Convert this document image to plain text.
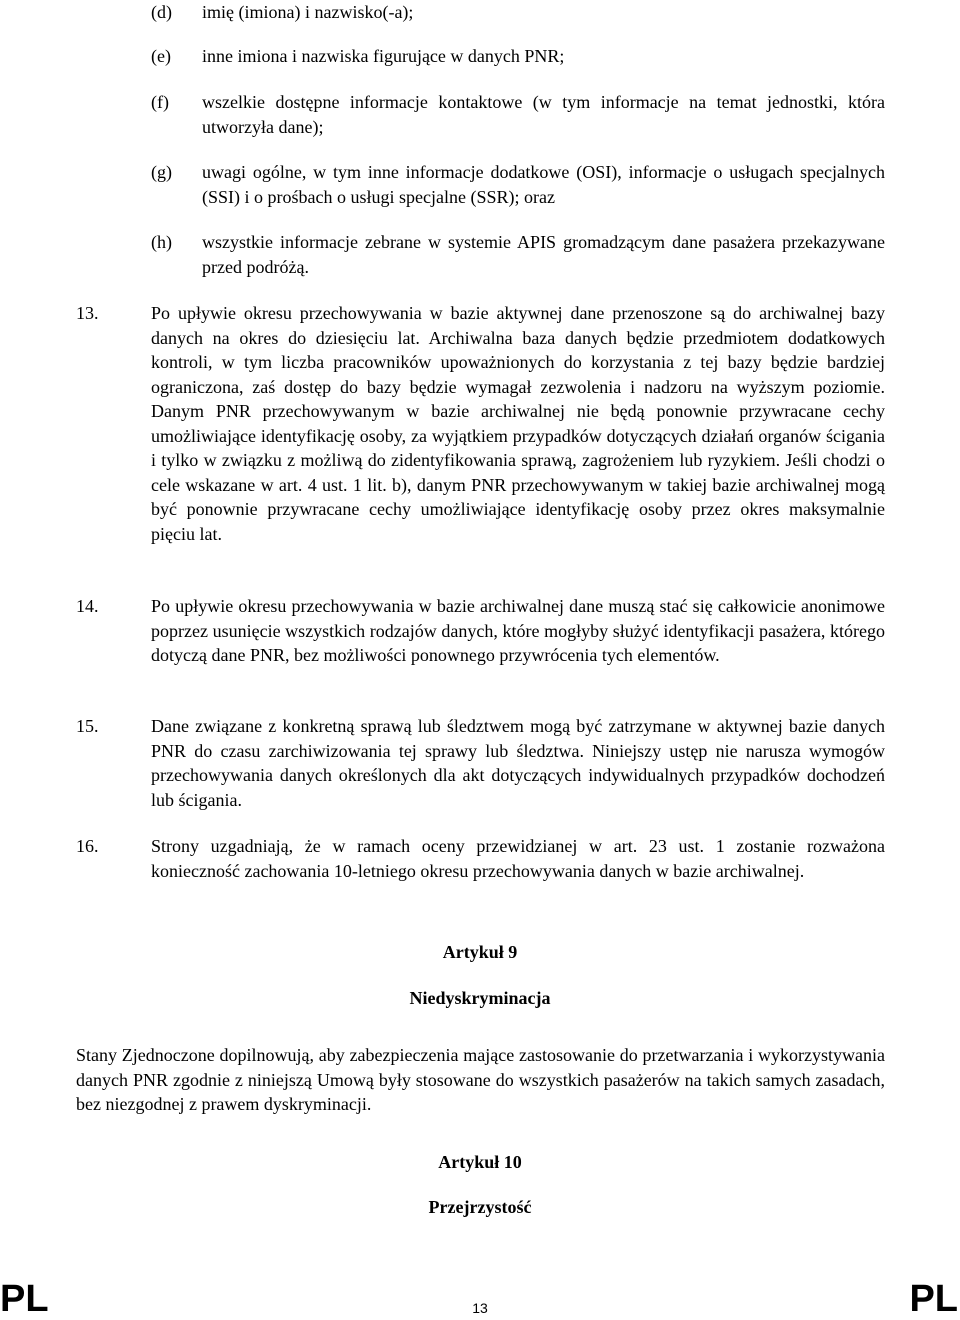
(d) imię (imiona) i nazwisko(-a);
(e) inne imiona i nazwiska figurujące w danych PNR;
(f) wszelkie dostępne informacje kontaktowe (w tym informacje na temat jednostki, która utworzyła dane);
(g) uwagi ogólne, w tym inne informacje dodatkowe (OSI), informacje o usługach specjalnych (SSI) i o prośbach o usługi specjalne (SSR); oraz
(h) wszystkie informacje zebrane w systemie APIS gromadzącym dane pasażera przekazywane przed podróżą.
13.	Po upływie okresu przechowywania w bazie aktywnej dane przenoszone są do archiwalnej bazy danych na okres do dziesięciu lat. Archiwalna baza danych będzie przedmiotem dodatkowych kontroli, w tym liczba pracowników upoważnionych do korzystania z tej bazy będzie bardziej ograniczona, zaś dostęp do bazy będzie wymagał zezwolenia i nadzoru na wyższym poziomie. Danym PNR przechowywanym w bazie archiwalnej nie będą ponownie przywracane cechy umożliwiające identyfikację osoby, za wyjątkiem przypadków dotyczących działań organów ścigania i tylko w związku z możliwą do zidentyfikowania sprawą, zagrożeniem lub ryzykiem. Jeśli chodzi o cele wskazane w art. 4 ust. 1 lit. b), danym PNR przechowywanym w takiej bazie archiwalnej mogą być ponownie przywracane cechy umożliwiające identyfikację osoby przez okres maksymalnie pięciu lat.
14.	Po upływie okresu przechowywania w bazie archiwalnej dane muszą stać się całkowicie anonimowe poprzez usunięcie wszystkich rodzajów danych, które mogłyby służyć identyfikacji pasażera, którego dotyczą dane PNR, bez możliwości ponownego przywrócenia tych elementów.
15.	Dane związane z konkretną sprawą lub śledztwem mogą być zatrzymane w aktywnej bazie danych PNR do czasu zarchiwizowania tej sprawy lub śledztwa. Niniejszy ustęp nie narusza wymogów przechowywania danych określonych dla akt dotyczących indywidualnych przypadków dochodzeń lub ścigania.
16.	Strony uzgadniają, że w ramach oceny przewidzianej w art. 23 ust. 1 zostanie rozważona konieczność zachowania 10-letniego okresu przechowywania danych w bazie archiwalnej.
Artykuł 9
Niedyskryminacja
Stany Zjednoczone dopilnowują, aby zabezpieczenia mające zastosowanie do przetwarzania i wykorzystywania danych PNR zgodnie z niniejszą Umową były stosowane do wszystkich pasażerów na takich samych zasadach, bez niezgodnej z prawem dyskryminacji.
Artykuł 10
Przejrzystość
PL	13	PL
